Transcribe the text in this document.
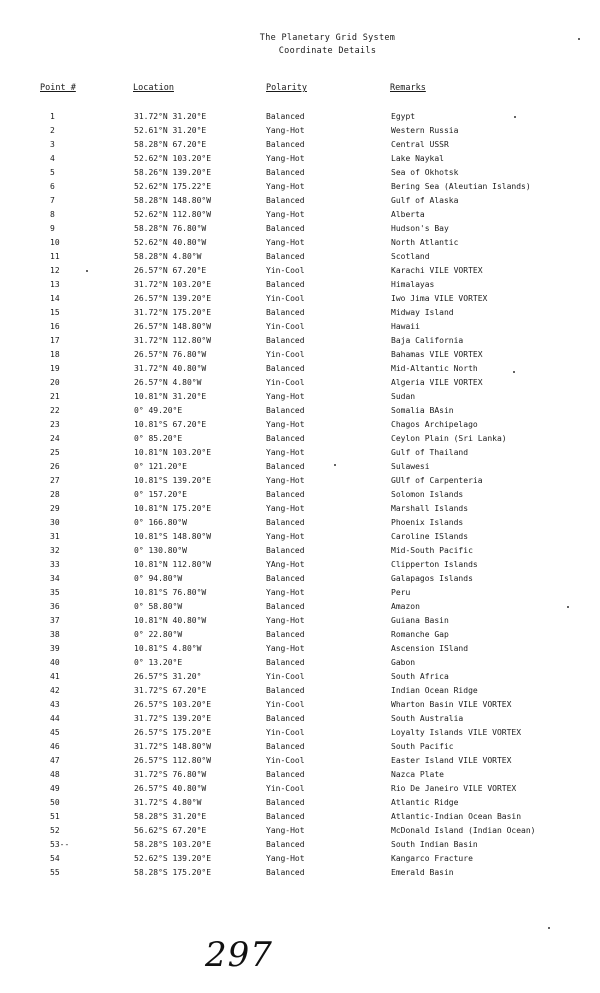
The Planetary Grid System
Coordinate Details
Point #	Location	Polarity	Remarks
1	31.72°N 31.20°E	Balanced	Egypt
2	52.61°N 31.20°E	Yang-Hot	Western Russia
3	58.28°N 67.20°E	Balanced	Central USSR
4	52.62°N 103.20°E	Yang-Hot	Lake Naykal
5	58.26°N 139.20°E	Balanced	Sea of Okhotsk
6	52.62°N 175.22°E	Yang-Hot	Bering Sea (Aleutian Islands)
7	58.28°N 148.80°W	Balanced	Gulf of Alaska
8	52.62°N 112.80°W	Yang-Hot	Alberta
9	58.28°N 76.80°W	Balanced	Hudson's Bay
10	52.62°N 40.80°W	Yang-Hot	North Atlantic
11	58.28°N 4.80°W	Balanced	Scotland
12	26.57°N 67.20°E	Yin-Cool	Karachi VILE VORTEX
13	31.72°N 103.20°E	Balanced	Himalayas
14	26.57°N 139.20°E	Yin-Cool	Iwo Jima VILE VORTEX
15	31.72°N 175.20°E	Balanced	Midway Island
16	26.57°N 148.80°W	Yin-Cool	Hawaii
17	31.72°N 112.80°W	Balanced	Baja California
18	26.57°N 76.80°W	Yin-Cool	Bahamas VILE VORTEX
19	31.72°N 40.80°W	Balanced	Mid-Altantic North
20	26.57°N 4.80°W	Yin-Cool	Algeria VILE VORTEX
21	10.81°N 31.20°E	Yang-Hot	Sudan
22	0° 49.20°E	Balanced	Somalia BAsin
23	10.81°S 67.20°E	Yang-Hot	Chagos Archipelago
24	0° 85.20°E	Balanced	Ceylon Plain (Sri Lanka)
25	10.81°N 103.20°E	Yang-Hot	Gulf of Thailand
26	0° 121.20°E	Balanced	Sulawesi
27	10.81°S 139.20°E	Yang-Hot	GUlf of Carpenteria
28	0° 157.20°E	Balanced	Solomon Islands
29	10.81°N 175.20°E	Yang-Hot	Marshall Islands
30	0° 166.80°W	Balanced	Phoenix Islands
31	10.81°S 148.80°W	Yang-Hot	Caroline ISlands
32	0° 130.80°W	Balanced	Mid-South Pacific
33	10.81°N 112.80°W	YAng-Hot	Clipperton Islands
34	0° 94.80°W	Balanced	Galapagos Islands
35	10.81°S 76.80°W	Yang-Hot	Peru
36	0° 58.80°W	Balanced	Amazon
37	10.81°N 40.80°W	Yang-Hot	Guiana Basin
38	0° 22.80°W	Balanced	Romanche Gap
39	10.81°S 4.80°W	Yang-Hot	Ascension ISland
40	0° 13.20°E	Balanced	Gabon
41	26.57°S 31.20°	Yin-Cool	South Africa
42	31.72°S 67.20°E	Balanced	Indian Ocean Ridge
43	26.57°S 103.20°E	Yin-Cool	Wharton Basin VILE VORTEX
44	31.72°S 139.20°E	Balanced	South Australia
45	26.57°S 175.20°E	Yin-Cool	Loyalty Islands VILE VORTEX
46	31.72°S 148.80°W	Balanced	South Pacific
47	26.57°S 112.80°W	Yin-Cool	Easter Island VILE VORTEX
48	31.72°S 76.80°W	Balanced	Nazca Plate
49	26.57°S 40.80°W	Yin-Cool	Rio De Janeiro VILE VORTEX
50	31.72°S 4.80°W	Balanced	Atlantic Ridge
51	58.28°S 31.20°E	Balanced	Atlantic-Indian Ocean Basin
52	56.62°S 67.20°E	Yang-Hot	McDonald Island (Indian Ocean)
53--	58.28°S 103.20°E	Balanced	South Indian Basin
54	52.62°S 139.20°E	Yang-Hot	Kangarco Fracture
55	58.28°S 175.20°E	Balanced	Emerald Basin
297
